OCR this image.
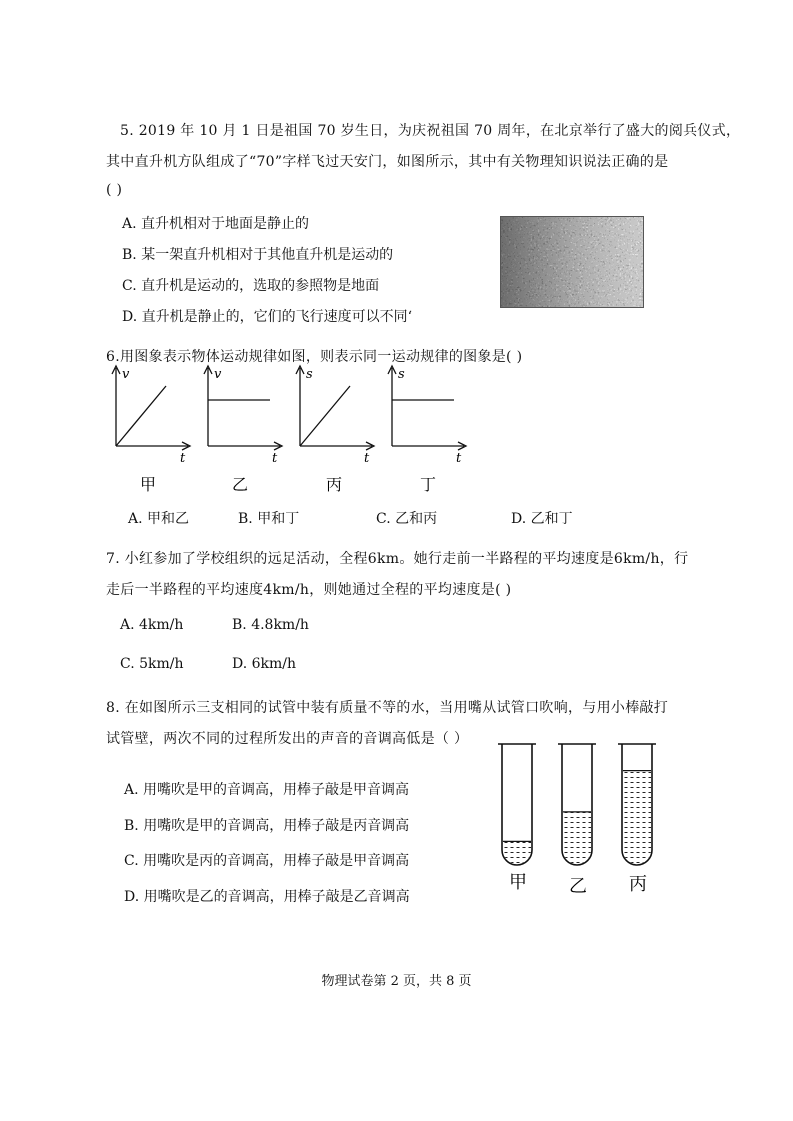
5. 2019 年 10 月 1 日是祖国 70 岁生日，为庆祝祖国 70 周年，在北京举行了盛大的阅兵仪式，
其中直升机方队组成了“70”字样飞过天安门，如图所示，其中有关物理知识说法正确的是
( )
A. 直升机相对于地面是静止的
B. 某一架直升机相对于其他直升机是运动的
C. 直升机是运动的，选取的参照物是地面
D. 直升机是静止的，它们的飞行速度可以不同‘
6.用图象表示物体运动规律如图，则表示同一运动规律的图象是( )
v
t
v
t
s
t
s
t
甲	乙	丙	丁
A. 甲和乙	B. 甲和丁	C. 乙和丙	D. 乙和丁
7. 小红参加了学校组织的远足活动，全程6km。她行走前一半路程的平均速度是6km/h，行
走后一半路程的平均速度4km/h，则她通过全程的平均速度是( )
A. 4km/h	B. 4.8km/h
C. 5km/h	D. 6km/h
8. 在如图所示三支相同的试管中装有质量不等的水，当用嘴从试管口吹响，与用小棒敲打
试管壁，两次不同的过程所发出的声音的音调高低是（ ）
A. 用嘴吹是甲的音调高，用棒子敲是甲音调高
B. 用嘴吹是甲的音调高，用棒子敲是丙音调高
C. 用嘴吹是丙的音调高，用棒子敲是甲音调高
D. 用嘴吹是乙的音调高，用棒子敲是乙音调高
甲 乙 丙
物理试卷第 2 页，共 8 页
